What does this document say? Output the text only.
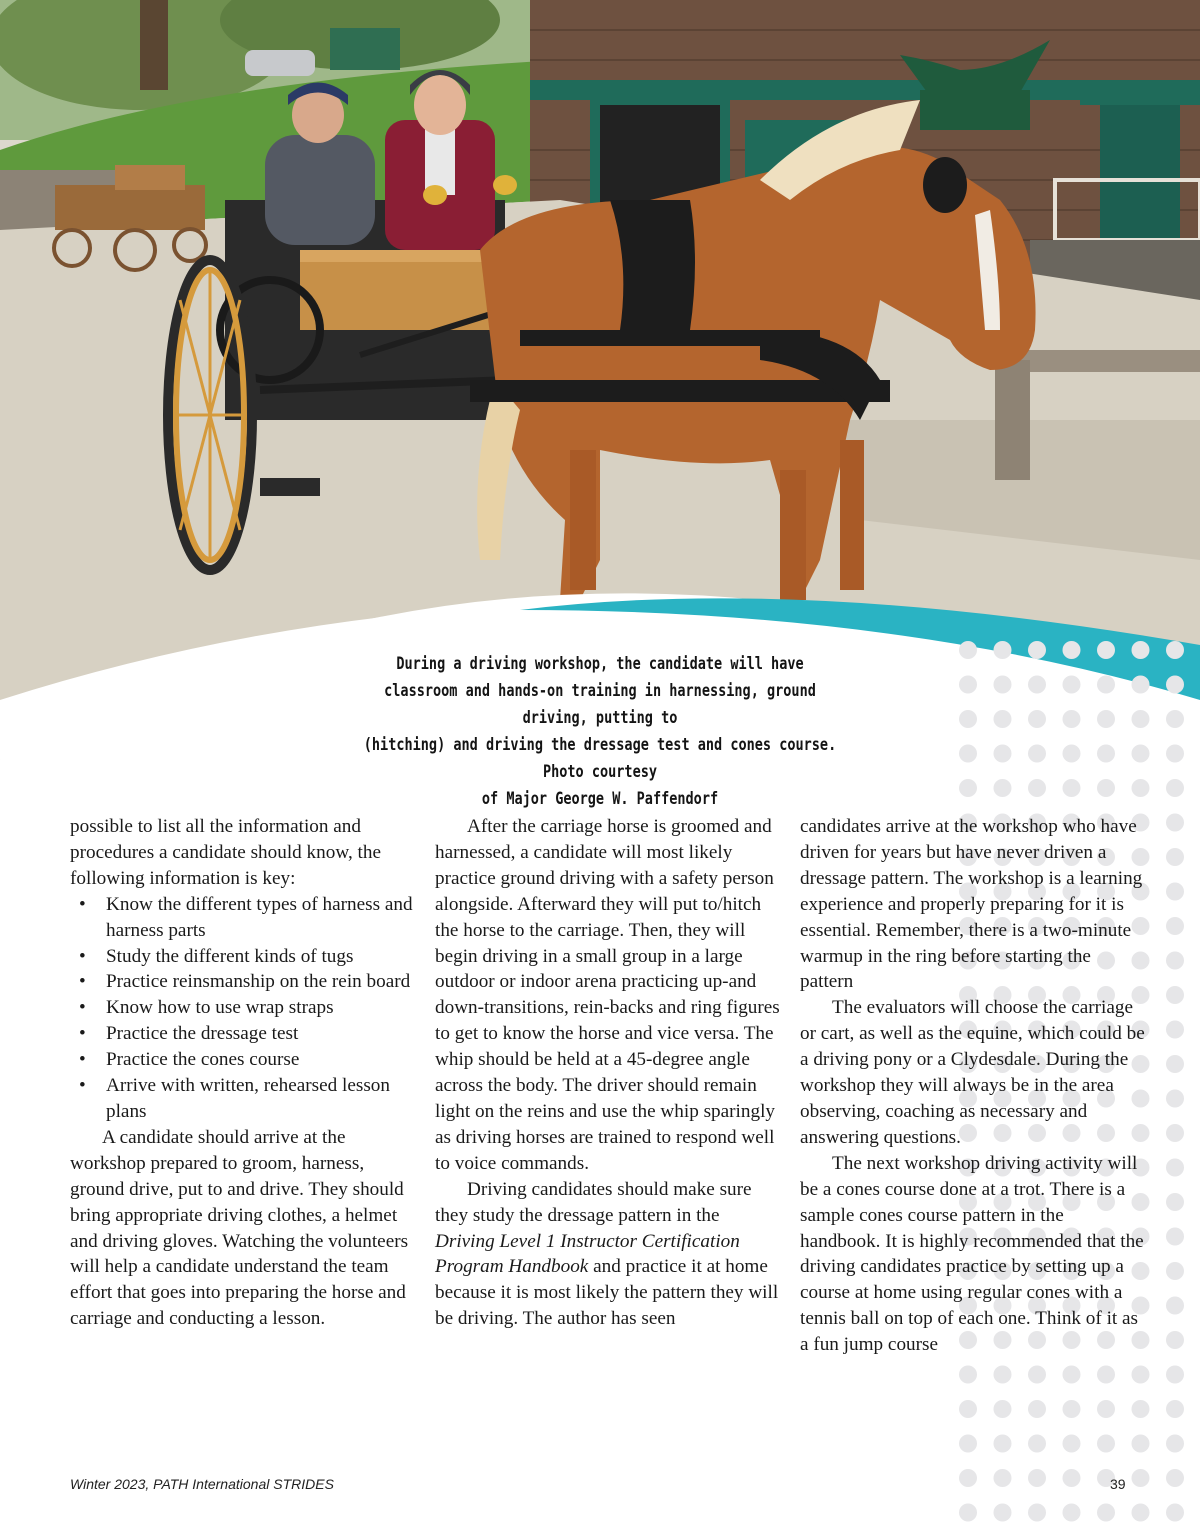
During a driving workshop, the candidate will have
classroom and hands-on training in harnessing, ground driving, putting to
(hitching) and driving the dressage test and cones course. Photo courtesy
of Major George W. Paffendorf

possible to list all the information and procedures a candidate should know, the following information is key:

• Know the different types of harness and harness parts
• Study the different kinds of tugs
• Practice reinsmanship on the rein board
• Know how to use wrap straps
• Practice the dressage test
• Practice the cones course
• Arrive with written, rehearsed lesson plans

A candidate should arrive at the workshop prepared to groom, harness, ground drive, put to and drive. They should bring appropriate driving clothes, a helmet and driving gloves. Watching the volunteers will help a candidate understand the team effort that goes into preparing the horse and carriage and conducting a lesson.

After the carriage horse is groomed and harnessed, a candidate will most likely practice ground driving with a safety person alongside. Afterward they will put to/hitch the horse to the carriage. Then, they will begin driving in a small group in a large outdoor or indoor arena practicing up-and down-transitions, rein-backs and ring figures to get to know the horse and vice versa. The whip should be held at a 45-degree angle across the body. The driver should remain light on the reins and use the whip sparingly as driving horses are trained to respond well to voice commands.

Driving candidates should make sure they study the dressage pattern in the Driving Level 1 Instructor Certification Program Handbook and practice it at home because it is most likely the pattern they will be driving. The author has seen

candidates arrive at the workshop who have driven for years but have never driven a dressage pattern. The workshop is a learning experience and properly preparing for it is essential. Remember, there is a two-minute warmup in the ring before starting the pattern

The evaluators will choose the carriage or cart, as well as the equine, which could be a driving pony or a Clydesdale. During the workshop they will always be in the area observing, coaching as necessary and answering questions.

The next workshop driving activity will be a cones course done at a trot. There is a sample cones course pattern in the handbook. It is highly recommended that the driving candidates practice by setting up a course at home using regular cones with a tennis ball on top of each one. Think of it as a fun jump course

Winter 2023, PATH International STRIDES	39
